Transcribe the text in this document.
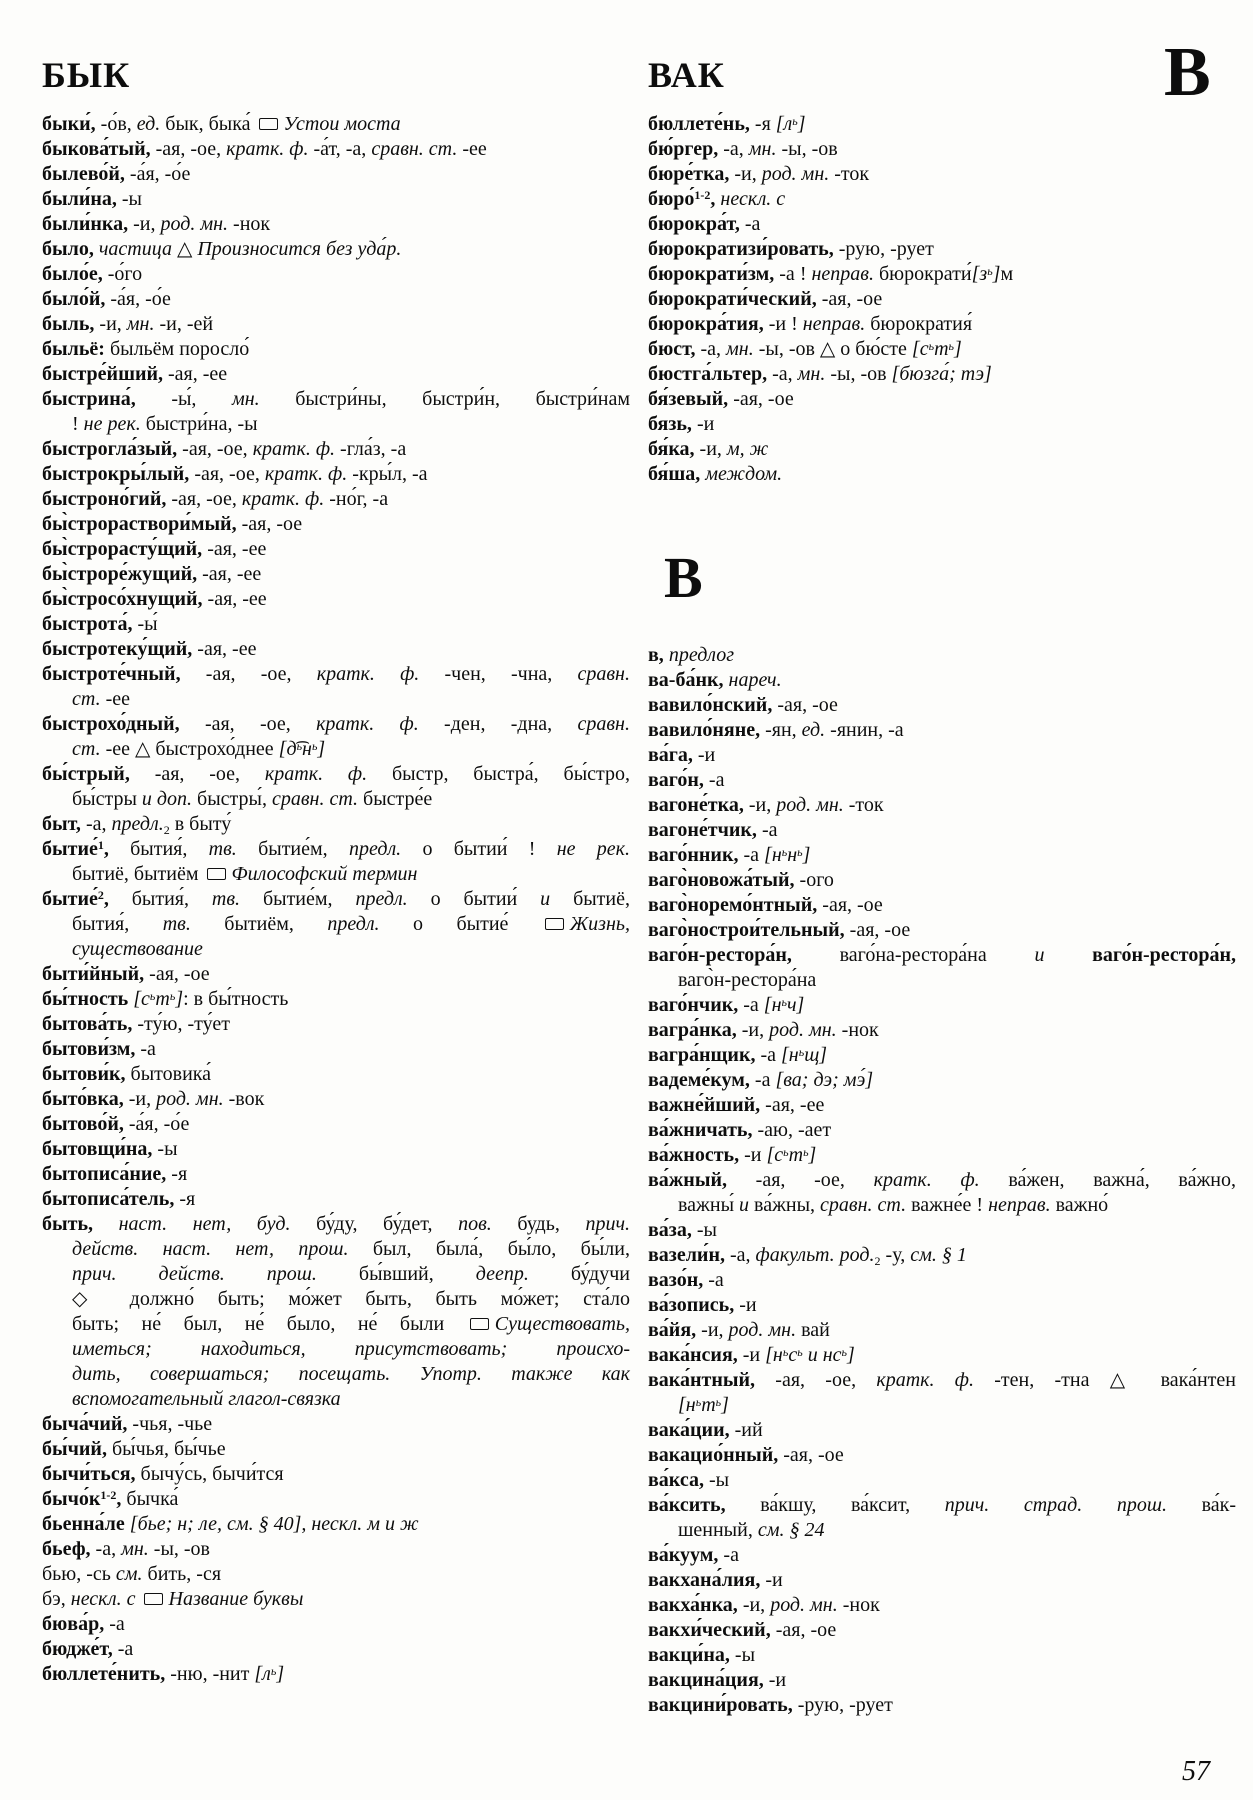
БЫК	ВАК	В
быки́, -о́в, ед. бык, быка́ Устои моста
быкова́тый, -ая, -ое, кратк. ф. -а́т, -а, сравн. ст. -ее
былево́й, -а́я, -о́е
были́на, -ы
были́нка, -и, род. мн. -нок
было, частица △ Произносится без уда́р.
было́е, -о́го
было́й, -а́я, -о́е
быль, -и, мн. -и, -ей
быльё: быльём поросло́
быстре́йший, -ая, -ее
быстрина́, -ы́, мн. быстри́ны, быстри́н, быстри́нам
! не рек. быстри́на, -ы
быстрогла́зый, -ая, -ое, кратк. ф. -гла́з, -а
быстрокры́лый, -ая, -ое, кратк. ф. -кры́л, -а
быстроно́гий, -ая, -ое, кратк. ф. -но́г, -а
бы̀строраствори́мый, -ая, -ое
бы̀строрасту́щий, -ая, -ее
бы̀строре́жущий, -ая, -ее
бы̀стросо́хнущий, -ая, -ее
быстрота́, -ы́
быстротеку́щий, -ая, -ее
быстроте́чный, -ая, -ое, кратк. ф. -чен, -чна, сравн.
ст. -ее
быстрохо́дный, -ая, -ое, кратк. ф. -ден, -дна, сравн.
ст. -ее △ быстрохо́днее $[д͡^ьн^ь]$
бы́стрый, -ая, -ое, кратк. ф. быстр, быстра́, бы́стро,
бы́стры и доп. быстры́, сравн. ст. быстре́е
быт, -а, предл.2 в быту́
бытие́$^1$, бытия́, тв. бытие́м, предл. о бытии́ ! не рек.
бытиё, бытиём Философский термин
бытие́$^2$, бытия́, тв. бытие́м, предл. о бытии́ и бытиё,
бытия́, тв. бытиём, предл. о бытие́ Жизнь,
существование
быти́йный, -ая, -ое
бы́тность $[с^ьт^ь]$: в бы́тность
бытова́ть, -ту́ю, -ту́ет
бытови́зм, -а
бытови́к, бытовика́
быто́вка, -и, род. мн. -вок
бытово́й, -а́я, -о́е
бытовщи́на, -ы
бытописа́ние, -я
бытописа́тель, -я
быть, наст. нет, буд. бу́ду, бу́дет, пов. будь, прич.
действ. наст. нет, прош. был, была́, бы́ло, бы́ли,
прич. действ. прош. бы́вший, деепр. бу́дучи
◇ должно́ быть; мо́жет быть, быть мо́жет; ста́ло
быть; не́ был, не́ было, не́ были Существовать,
иметься; находиться, присутствовать; происхо-
дить, совершаться; посещать. Употр. также как
вспомогательный глагол-связка
быча́чий, -чья, -чье
бы́чий, бы́чья, бы́чье
бычи́ться, бычу́сь, бычи́тся
$бычо́к^{1-2}$, бычка́
бьенна́ле [бье; н; ле, см. § 40], нескл. м и ж
бьеф, -а, мн. -ы, -ов
бью, -сь см. бить, -ся
бэ, нескл. с Название буквы
бюва́р, -а
бюдже́т, -а
бюллете́нить, -ню, -нит $[л^ь]$
бюллете́нь, -я $[л^ь]$
бю́ргер, -а, мн. -ы, -ов
бюре́тка, -и, род. мн. -ток
бюро́$^{1-2}$, нескл. с
бюрокра́т, -а
бюрократизи́ровать, -рую, -рует
бюрократи́зм, -а ! неправ. $бюрократи́[з^ь]м$
бюрократи́ческий, -ая, -ое
бюрокра́тия, -и ! неправ. бюрократия́
бюст, -а, мн. -ы, -ов △ о бю́сте $[с^ьт^ь]$
бюстга́льтер, -а, мн. -ы, -ов [бюзга́; тэ]
бя́зевый, -ая, -ое
бязь, -и
бя́ка, -и, м, ж
бя́ша, междом.
В
в, предлог
ва-ба́нк, нареч.
вавило́нский, -ая, -ое
вавило́няне, -ян, ед. -янин, -а
ва́га, -и
ваго́н, -а
вагоне́тка, -и, род. мн. -ток
вагоне́тчик, -а
ваго́нник, -а $[н^ьн^ь]$
ваго̀новожа́тый, -ого
ваго̀норемо́нтный, -ая, -ое
ваго̀нострои́тельный, -ая, -ое
ваго́н-рестора́н, ваго́на-рестора́на и ваго́н-рестора́н,
ваго̀н-рестора́на
ваго́нчик, -а $[н^ьч]$
вагра́нка, -и, род. мн. -нок
вагра́нщик, -а $[н^ьщ]$
вадеме́кум, -а [ва; дэ; мэ́]
важне́йший, -ая, -ее
ва́жничать, -аю, -ает
ва́жность, -и $[с^ьт^ь]$
ва́жный, -ая, -ое, кратк. ф. ва́жен, важна́, ва́жно,
важны́ и ва́жны, сравн. ст. важне́е ! неправ. важно́
ва́за, -ы
вазели́н, -а, факульт. род.2 -у, см. § 1
вазо́н, -а
ва́зопись, -и
ва́йя, -и, род. мн. вай
вака́нсия, -и [$н^ьс^ь$ и $нс^ь$]
вака́нтный, -ая, -ое, кратк. ф. -тен, -тна △ вака́нтен
$[н^ьт^ь]$
вака́ции, -ий
вакацио́нный, -ая, -ое
ва́кса, -ы
ва́ксить, ва́кшу, ва́ксит, прич. страд. прош. ва́к-
шенный, см. § 24
ва́куум, -а
вакхана́лия, -и
вакха́нка, -и, род. мн. -нок
вакхи́ческий, -ая, -ое
вакци́на, -ы
вакцина́ция, -и
вакцини́ровать, -рую, -рует
57
